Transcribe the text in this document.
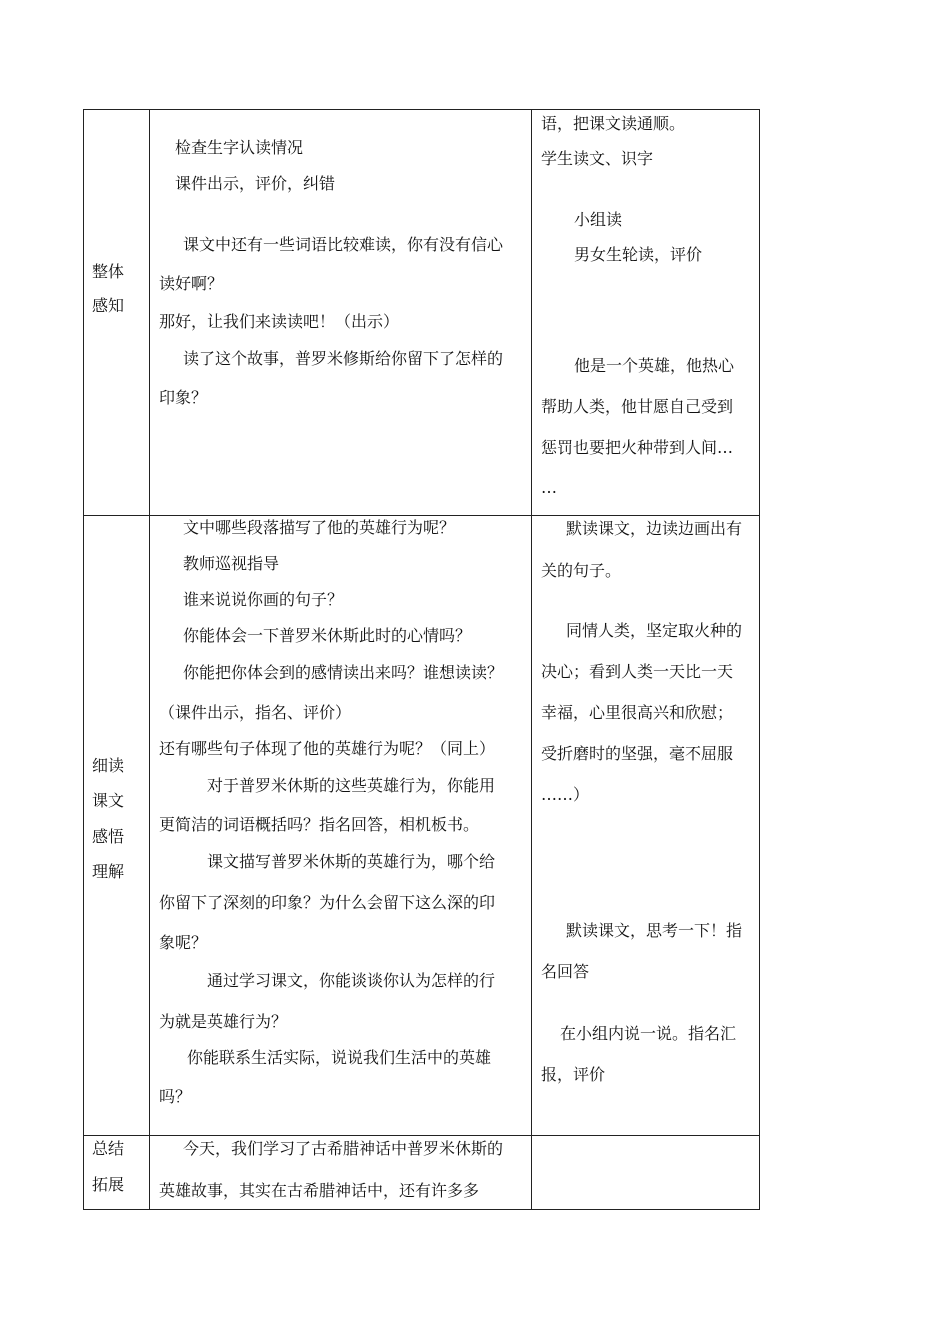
整体
感知
检查生字认读情况
课件出示，评价，纠错
课文中还有一些词语比较难读，你有没有信心
读好啊？
那好，让我们来读读吧！（出示）
读了这个故事，普罗米修斯给你留下了怎样的
印象？
语，把课文读通顺。
学生读文、识字
小组读
男女生轮读，评价
他是一个英雄，他热心
帮助人类，他甘愿自己受到
惩罚也要把火种带到人间…
…
细读
课文
感悟
理解
文中哪些段落描写了他的英雄行为呢？
教师巡视指导
谁来说说你画的句子？
你能体会一下普罗米休斯此时的心情吗？
你能把你体会到的感情读出来吗？谁想读读？
（课件出示，指名、评价）
还有哪些句子体现了他的英雄行为呢？（同上）
对于普罗米休斯的这些英雄行为，你能用
更简洁的词语概括吗？指名回答，相机板书。
课文描写普罗米休斯的英雄行为，哪个给
你留下了深刻的印象？为什么会留下这么深的印
象呢？
通过学习课文，你能谈谈你认为怎样的行
为就是英雄行为？
你能联系生活实际，说说我们生活中的英雄
吗？
默读课文，边读边画出有
关的句子。
同情人类，坚定取火种的
决心；看到人类一天比一天
幸福，心里很高兴和欣慰；
受折磨时的坚强，毫不屈服
……）
默读课文，思考一下！指
名回答
在小组内说一说。指名汇
报，评价
总结
拓展
今天，我们学习了古希腊神话中普罗米休斯的
英雄故事，其实在古希腊神话中，还有许多多
